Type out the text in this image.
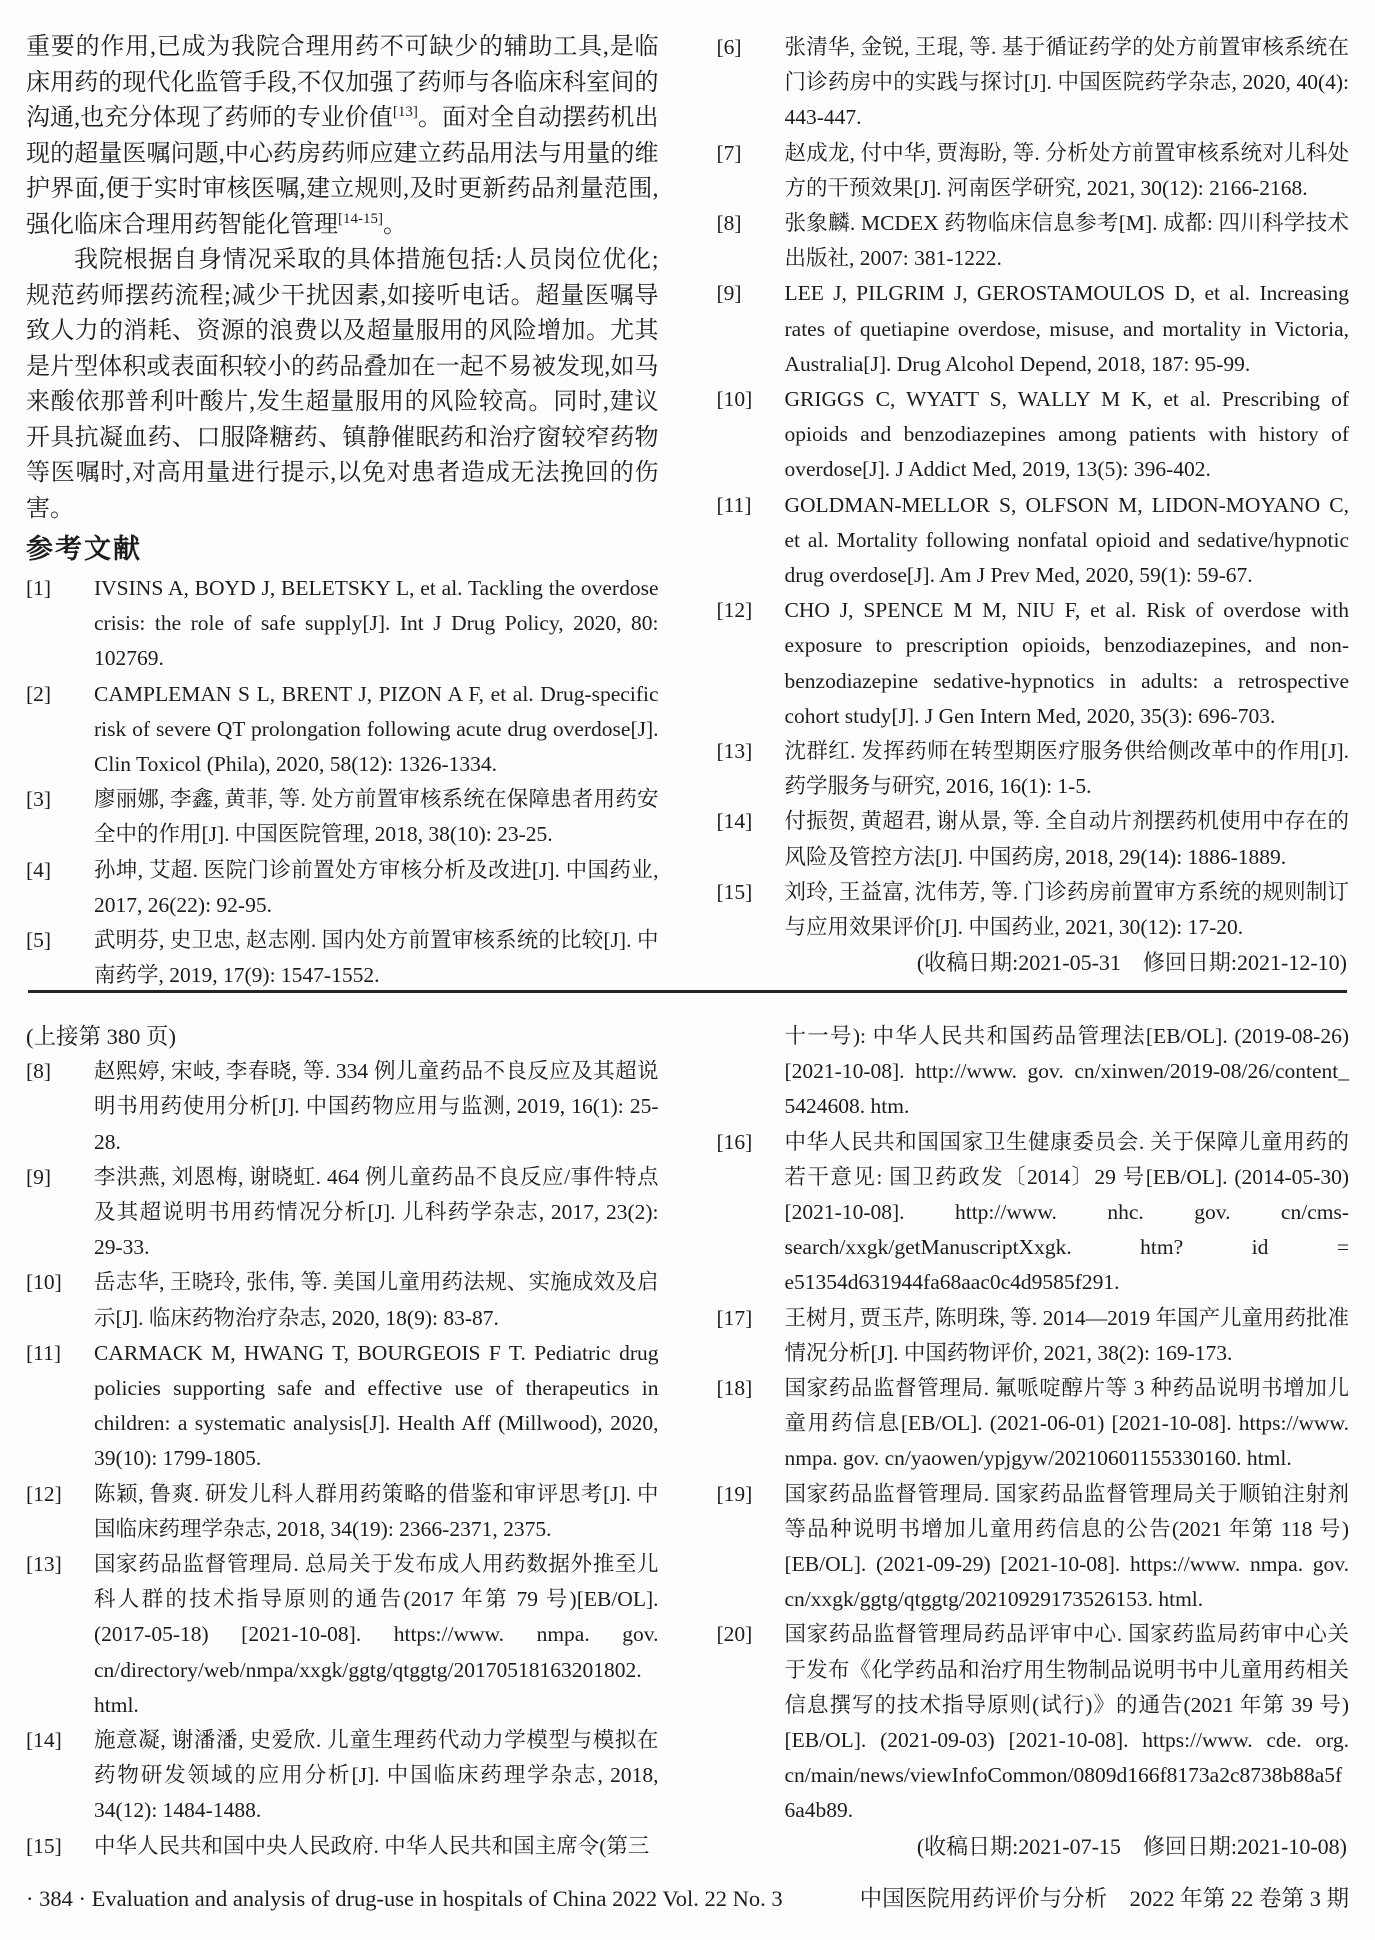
重要的作用,已成为我院合理用药不可缺少的辅助工具,是临床用药的现代化监管手段,不仅加强了药师与各临床科室间的沟通,也充分体现了药师的专业价值[13]。面对全自动摆药机出现的超量医嘱问题,中心药房药师应建立药品用法与用量的维护界面,便于实时审核医嘱,建立规则,及时更新药品剂量范围,强化临床合理用药智能化管理[14-15]。

我院根据自身情况采取的具体措施包括:人员岗位优化;规范药师摆药流程;减少干扰因素,如接听电话。超量医嘱导致人力的消耗、资源的浪费以及超量服用的风险增加。尤其是片型体积或表面积较小的药品叠加在一起不易被发现,如马来酸依那普利叶酸片,发生超量服用的风险较高。同时,建议开具抗凝血药、口服降糖药、镇静催眠药和治疗窗较窄药物等医嘱时,对高用量进行提示,以免对患者造成无法挽回的伤害。

参考文献
[1]	IVSINS A, BOYD J, BELETSKY L, et al. Tackling the overdose crisis: the role of safe supply[J]. Int J Drug Policy, 2020, 80: 102769.
[2]	CAMPLEMAN S L, BRENT J, PIZON A F, et al. Drug-specific risk of severe QT prolongation following acute drug overdose[J]. Clin Toxicol (Phila), 2020, 58(12): 1326-1334.
[3]	廖丽娜, 李鑫, 黄菲, 等. 处方前置审核系统在保障患者用药安全中的作用[J]. 中国医院管理, 2018, 38(10): 23-25.
[4]	孙坤, 艾超. 医院门诊前置处方审核分析及改进[J]. 中国药业, 2017, 26(22): 92-95.
[5]	武明芬, 史卫忠, 赵志刚. 国内处方前置审核系统的比较[J]. 中南药学, 2019, 17(9): 1547-1552.
[6]	张清华, 金锐, 王琨, 等. 基于循证药学的处方前置审核系统在门诊药房中的实践与探讨[J]. 中国医院药学杂志, 2020, 40(4): 443-447.
[7]	赵成龙, 付中华, 贾海盼, 等. 分析处方前置审核系统对儿科处方的干预效果[J]. 河南医学研究, 2021, 30(12): 2166-2168.
[8]	张象麟. MCDEX 药物临床信息参考[M]. 成都: 四川科学技术出版社, 2007: 381-1222.
[9]	LEE J, PILGRIM J, GEROSTAMOULOS D, et al. Increasing rates of quetiapine overdose, misuse, and mortality in Victoria, Australia[J]. Drug Alcohol Depend, 2018, 187: 95-99.
[10]	GRIGGS C, WYATT S, WALLY M K, et al. Prescribing of opioids and benzodiazepines among patients with history of overdose[J]. J Addict Med, 2019, 13(5): 396-402.
[11]	GOLDMAN-MELLOR S, OLFSON M, LIDON-MOYANO C, et al. Mortality following nonfatal opioid and sedative/hypnotic drug overdose[J]. Am J Prev Med, 2020, 59(1): 59-67.
[12]	CHO J, SPENCE M M, NIU F, et al. Risk of overdose with exposure to prescription opioids, benzodiazepines, and non-benzodiazepine sedative-hypnotics in adults: a retrospective cohort study[J]. J Gen Intern Med, 2020, 35(3): 696-703.
[13]	沈群红. 发挥药师在转型期医疗服务供给侧改革中的作用[J]. 药学服务与研究, 2016, 16(1): 1-5.
[14]	付振贺, 黄超君, 谢从景, 等. 全自动片剂摆药机使用中存在的风险及管控方法[J]. 中国药房, 2018, 29(14): 1886-1889.
[15]	刘玲, 王益富, 沈伟芳, 等. 门诊药房前置审方系统的规则制订与应用效果评价[J]. 中国药业, 2021, 30(12): 17-20.

(收稿日期:2021-05-31　修回日期:2021-12-10)

(上接第 380 页)

[8]	赵熙婷, 宋岐, 李春晓, 等. 334 例儿童药品不良反应及其超说明书用药使用分析[J]. 中国药物应用与监测, 2019, 16(1): 25-28.
[9]	李洪燕, 刘恩梅, 谢晓虹. 464 例儿童药品不良反应/事件特点及其超说明书用药情况分析[J]. 儿科药学杂志, 2017, 23(2): 29-33.
[10]	岳志华, 王晓玲, 张伟, 等. 美国儿童用药法规、实施成效及启示[J]. 临床药物治疗杂志, 2020, 18(9): 83-87.
[11]	CARMACK M, HWANG T, BOURGEOIS F T. Pediatric drug policies supporting safe and effective use of therapeutics in children: a systematic analysis[J]. Health Aff (Millwood), 2020, 39(10): 1799-1805.
[12]	陈颖, 鲁爽. 研发儿科人群用药策略的借鉴和审评思考[J]. 中国临床药理学杂志, 2018, 34(19): 2366-2371, 2375.
[13]	国家药品监督管理局. 总局关于发布成人用药数据外推至儿科人群的技术指导原则的通告(2017 年第 79 号)[EB/OL]. (2017-05-18) [2021-10-08]. https://www. nmpa. gov. cn/directory/web/nmpa/xxgk/ggtg/qtggtg/20170518163201802. html.
[14]	施意凝, 谢潘潘, 史爱欣. 儿童生理药代动力学模型与模拟在药物研发领域的应用分析[J]. 中国临床药理学杂志, 2018, 34(12): 1484-1488.
[15]	中华人民共和国中央人民政府. 中华人民共和国主席令(第三

十一号): 中华人民共和国药品管理法[EB/OL]. (2019-08-26) [2021-10-08]. http://www. gov. cn/xinwen/2019-08/26/content_ 5424608. htm.

[16]	中华人民共和国国家卫生健康委员会. 关于保障儿童用药的若干意见: 国卫药政发〔2014〕29 号[EB/OL]. (2014-05-30) [2021-10-08]. http://www. nhc. gov. cn/cms-search/xxgk/getManuscriptXxgk. htm? id = e51354d631944fa68aac0c4d9585f291.
[17]	王树月, 贾玉芹, 陈明珠, 等. 2014—2019 年国产儿童用药批准情况分析[J]. 中国药物评价, 2021, 38(2): 169-173.
[18]	国家药品监督管理局. 氟哌啶醇片等 3 种药品说明书增加儿童用药信息[EB/OL]. (2021-06-01) [2021-10-08]. https://www. nmpa. gov. cn/yaowen/ypjgyw/20210601155330160. html.
[19]	国家药品监督管理局. 国家药品监督管理局关于顺铂注射剂等品种说明书增加儿童用药信息的公告(2021 年第 118 号)[EB/OL]. (2021-09-29) [2021-10-08]. https://www. nmpa. gov. cn/xxgk/ggtg/qtggtg/20210929173526153. html.
[20]	国家药品监督管理局药品评审中心. 国家药监局药审中心关于发布《化学药品和治疗用生物制品说明书中儿童用药相关信息撰写的技术指导原则(试行)》的通告(2021 年第 39 号)[EB/OL]. (2021-09-03) [2021-10-08]. https://www. cde. org. cn/main/news/viewInfoCommon/0809d166f8173a2c8738b88a5f6a4b89.

(收稿日期:2021-07-15　修回日期:2021-10-08)

· 384 · Evaluation and analysis of drug-use in hospitals of China 2022 Vol. 22 No. 3	中国医院用药评价与分析　2022 年第 22 卷第 3 期
